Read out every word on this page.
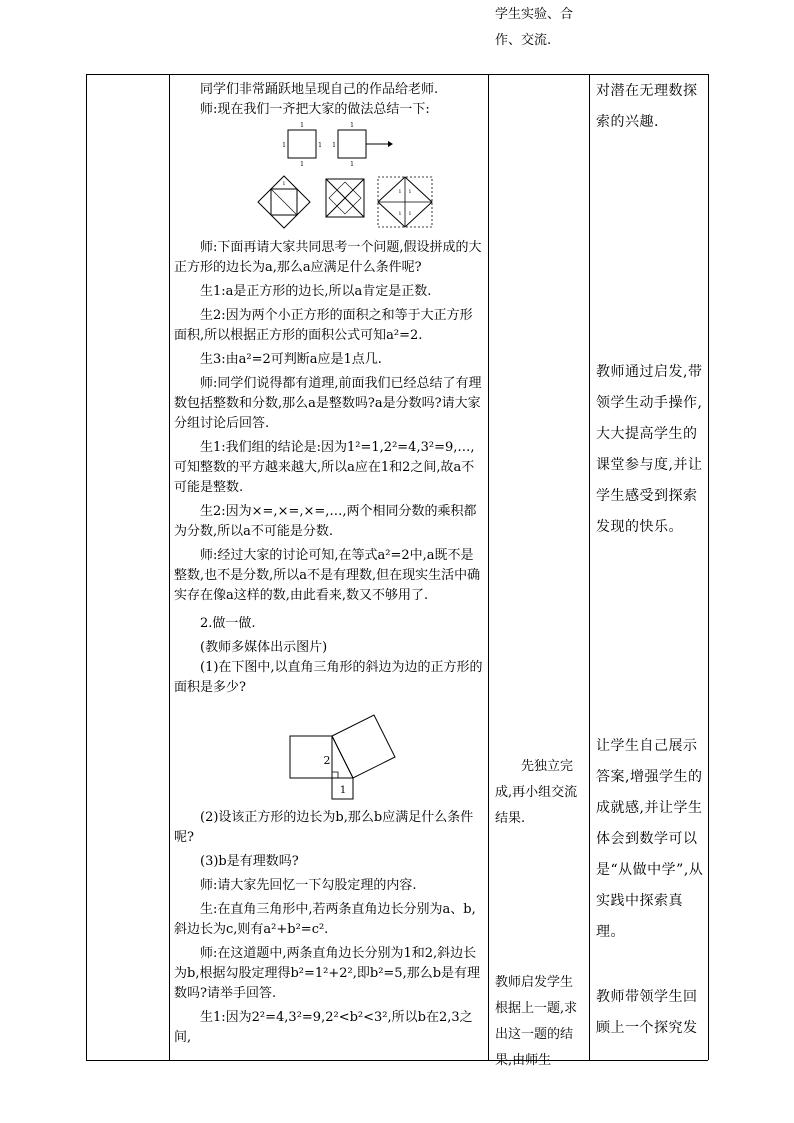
同学们非常踊跃地呈现自己的作品给老师.

师:现在我们一齐把大家的做法总结一下:

1
1	1
1
1
1
1
1
1 1
1 1

师:下面再请大家共同思考一个问题,假设拼成的大正方形的边长为a,那么a应满足什么条件呢?

生1:a是正方形的边长,所以a肯定是正数.

生2:因为两个小正方形的面积之和等于大正方形面积,所以根据正方形的面积公式可知a²=2.

生3:由a²=2可判断a应是1点几.

师:同学们说得都有道理,前面我们已经总结了有理数包括整数和分数,那么a是整数吗?a是分数吗?请大家分组讨论后回答.

生1:我们组的结论是:因为1²=1,2²=4,3²=9,…,可知整数的平方越来越大,所以a应在1和2之间,故a不可能是整数.

生2:因为×=,×=,×=,…,两个相同分数的乘积都为分数,所以a不可能是分数.

师:经过大家的讨论可知,在等式a²=2中,a既不是整数,也不是分数,所以a不是有理数,但在现实生活中确实存在像a这样的数,由此看来,数又不够用了.

2.做一做.

(教师多媒体出示图片)

(1)在下图中,以直角三角形的斜边为边的正方形的面积是多少?

2
1

(2)设该正方形的边长为b,那么b应满足什么条件呢?

(3)b是有理数吗?

师:请大家先回忆一下勾股定理的内容.

生:在直角三角形中,若两条直角边长分别为a、b,斜边长为c,则有a²+b²=c².

师:在这道题中,两条直角边长分别为1和2,斜边长为b,根据勾股定理得b²=1²+2²,即b²=5,那么b是有理数吗?请举手回答.

生1:因为2²=4,3²=9,2²<b²<3²,所以b在2,3之间,

学生实验、合作、交流.

先独立完成,再小组交流结果.

教师启发学生根据上一题,求出这一题的结果,由师生

对潜在无理数探索的兴趣.

教师通过启发,带领学生动手操作,大大提高学生的课堂参与度,并让学生感受到探索发现的快乐。

让学生自己展示答案,增强学生的成就感,并让学生体会到数学可以是“从做中学”,从实践中探索真理。

教师带领学生回顾上一个探究发
